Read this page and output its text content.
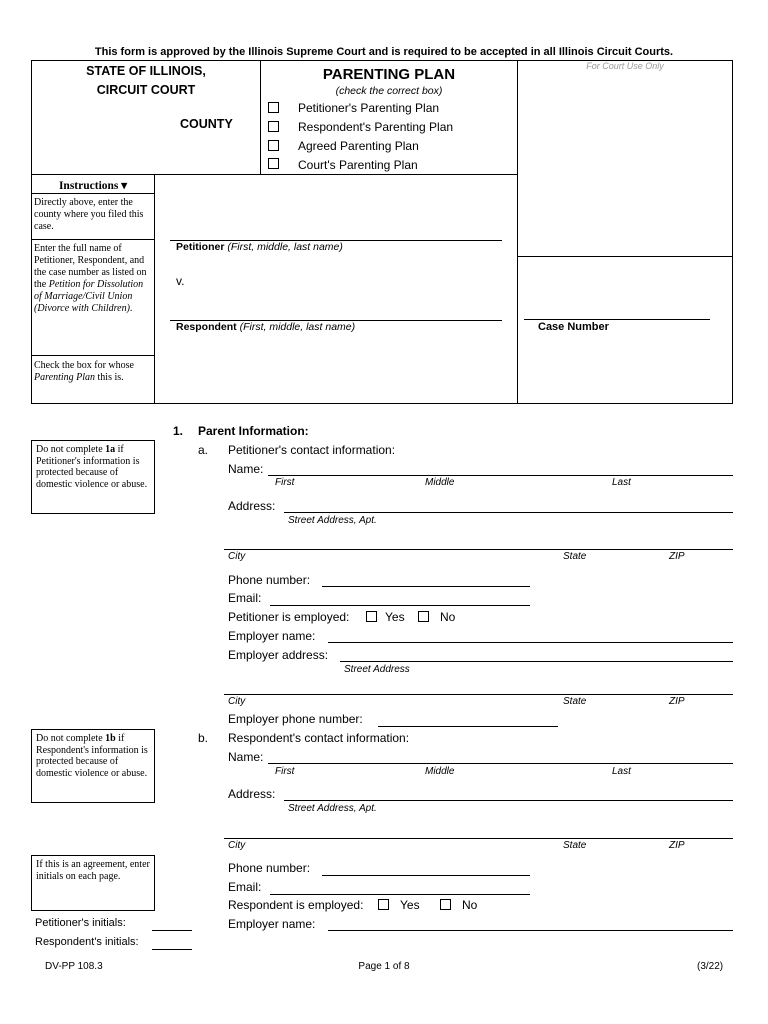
This form is approved by the Illinois Supreme Court and is required to be accepted in all Illinois Circuit Courts.
STATE OF ILLINOIS,
CIRCUIT COURT
COUNTY
PARENTING PLAN
(check the correct box)
Petitioner's Parenting Plan
Respondent's Parenting Plan
Agreed Parenting Plan
Court's Parenting Plan
For Court Use Only
Instructions ▾
Directly above, enter the county where you filed this case.
Enter the full name of Petitioner, Respondent, and the case number as listed on the Petition for Dissolution of Marriage/Civil Union (Divorce with Children).
Check the box for whose Parenting Plan this is.
Petitioner (First, middle, last name)
v.
Respondent (First, middle, last name)	Case Number
1. Parent Information:
Do not complete 1a if Petitioner's information is protected because of domestic violence or abuse.
a. Petitioner's contact information:
Name:
First	Middle	Last
Address:
Street Address, Apt.
City	State	ZIP
Phone number:
Email:
Petitioner is employed:	Yes	No
Employer name:
Employer address:
Street Address
City	State	ZIP
Employer phone number:
Do not complete 1b if Respondent's information is protected because of domestic violence or abuse.
b. Respondent's contact information:
Name:
First	Middle	Last
Address:
Street Address, Apt.
City	State	ZIP
If this is an agreement, enter initials on each page.
Phone number:
Email:
Respondent is employed:	Yes	No
Employer name:
Petitioner's initials:
Respondent's initials:
DV-PP 108.3	Page 1 of 8	(3/22)
